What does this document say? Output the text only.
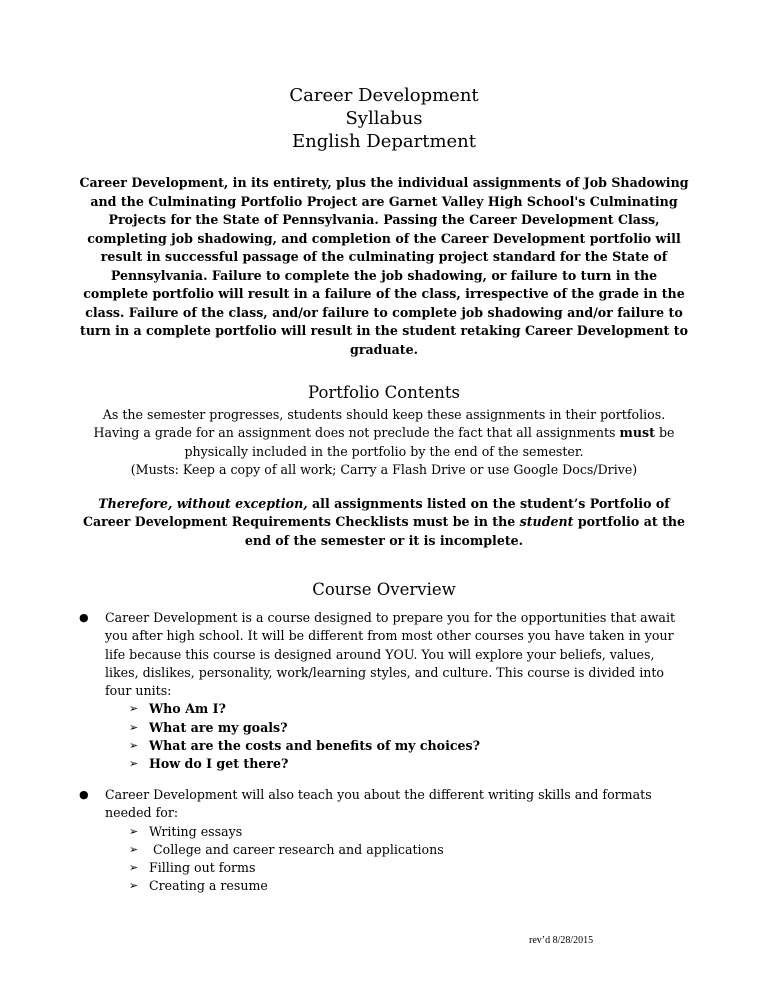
Career Development
Syllabus
English Department
Career Development, in its entirety, plus the individual assignments of Job Shadowing and the Culminating Portfolio Project are Garnet Valley High School's Culminating Projects for the State of Pennsylvania. Passing the Career Development Class, completing job shadowing, and completion of the Career Development portfolio will result in successful passage of the culminating project standard for the State of Pennsylvania. Failure to complete the job shadowing, or failure to turn in the complete portfolio will result in a failure of the class, irrespective of the grade in the class. Failure of the class, and/or failure to complete job shadowing and/or failure to turn in a complete portfolio will result in the student retaking Career Development to graduate.
Portfolio Contents
As the semester progresses, students should keep these assignments in their portfolios. Having a grade for an assignment does not preclude the fact that all assignments must be physically included in the portfolio by the end of the semester.
(Musts: Keep a copy of all work; Carry a Flash Drive or use Google Docs/Drive)
Therefore, without exception, all assignments listed on the student’s Portfolio of Career Development Requirements Checklists must be in the student portfolio at the end of the semester or it is incomplete.
Course Overview
● Career Development is a course designed to prepare you for the opportunities that await you after high school. It will be different from most other courses you have taken in your life because this course is designed around YOU. You will explore your beliefs, values, likes, dislikes, personality, work/learning styles, and culture. This course is divided into four units:
➢ Who Am I?
➢ What are my goals?
➢ What are the costs and benefits of my choices?
➢ How do I get there?
● Career Development will also teach you about the different writing skills and formats needed for:
➢ Writing essays
➢ College and career research and applications
➢ Filling out forms
➢ Creating a resume
rev’d 8/28/2015
